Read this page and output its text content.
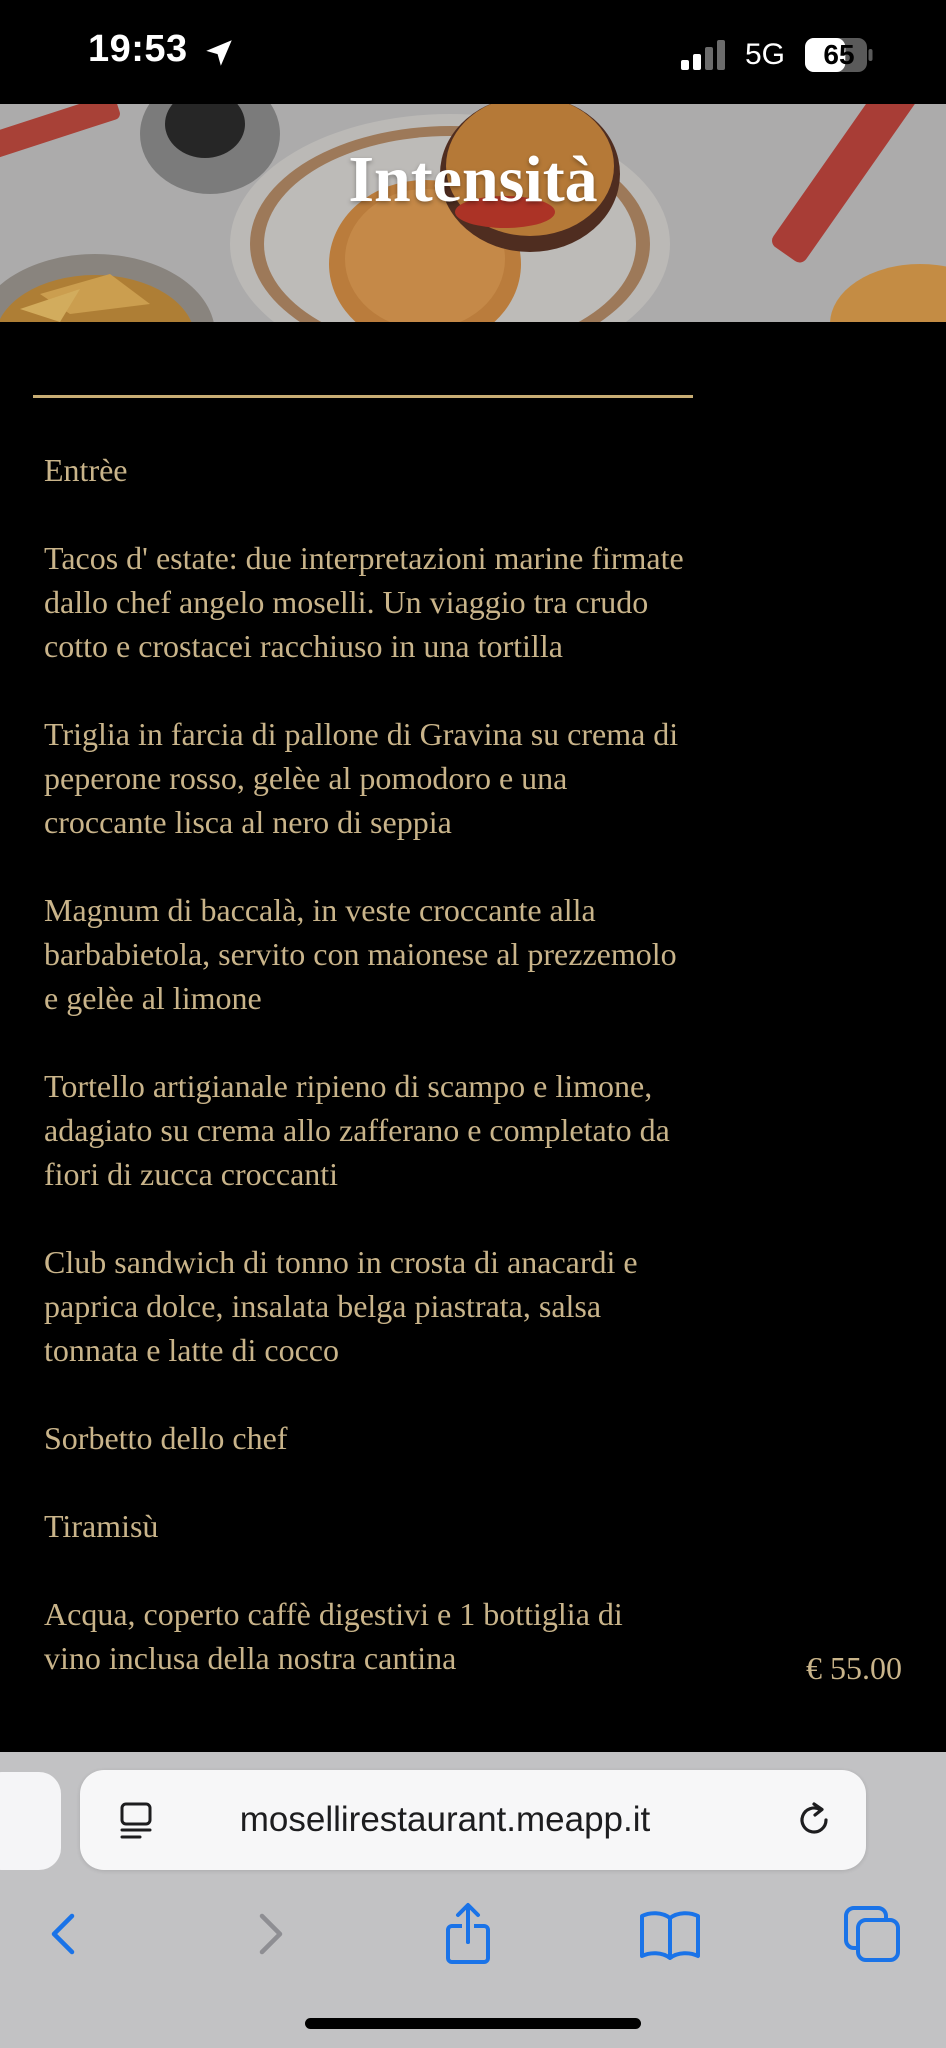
19:53	5G	65
Intensità

Entrèe

Tacos d' estate: due interpretazioni marine firmate dallo chef angelo moselli. Un viaggio tra crudo cotto e crostacei racchiuso in una tortilla

Triglia in farcia di pallone di Gravina su crema di peperone rosso, gelèe al pomodoro e una croccante lisca al nero di seppia

Magnum di baccalà, in veste croccante alla barbabietola, servito con maionese al prezzemolo e gelèe al limone

Tortello artigianale ripieno di scampo e limone, adagiato su crema allo zafferano e completato da fiori di zucca croccanti

Club sandwich di tonno in crosta di anacardi e paprica dolce, insalata belga piastrata, salsa tonnata e latte di cocco

Sorbetto dello chef

Tiramisù

Acqua, coperto caffè digestivi e 1 bottiglia di vino inclusa della nostra cantina	€ 55.00
mosellirestaurant.meapp.it
